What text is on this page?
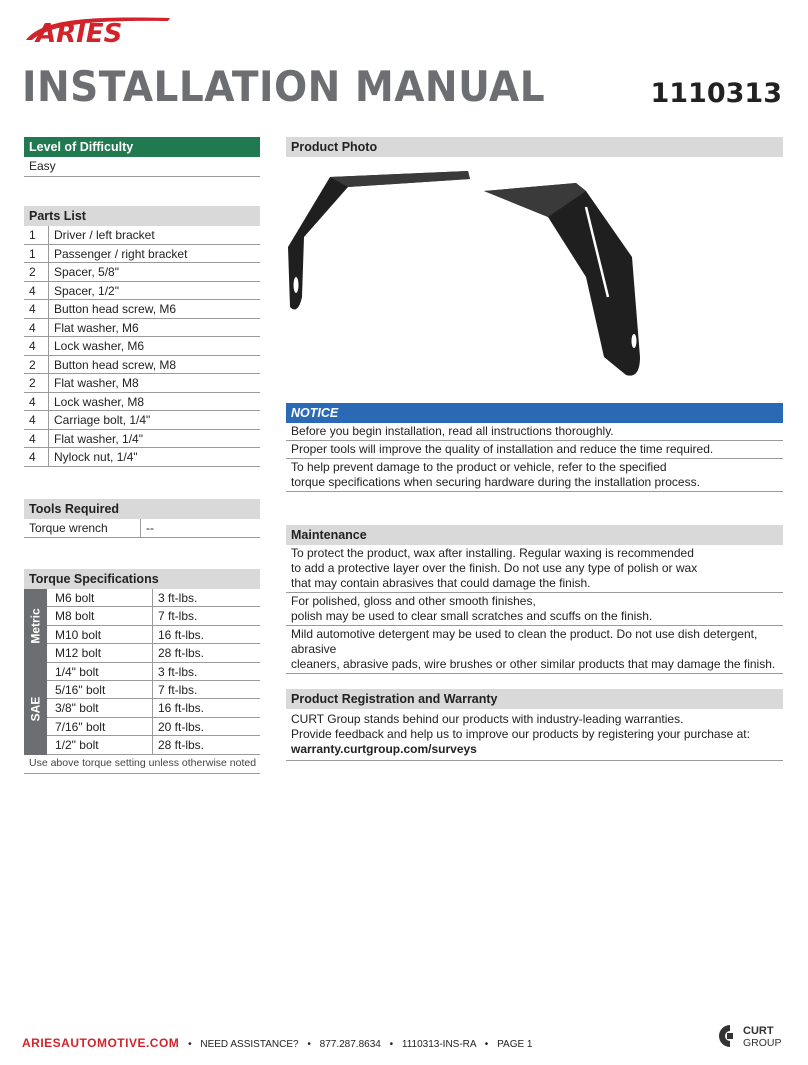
ARIES
INSTALLATION MANUAL	1110313
Level of Difficulty
Easy
Parts List
1	Driver / left bracket
1	Passenger / right bracket
2	Spacer, 5/8"
4	Spacer, 1/2"
4	Button head screw, M6
4	Flat washer, M6
4	Lock washer, M6
2	Button head screw, M8
2	Flat washer, M8
4	Lock washer, M8
4	Carriage bolt, 1/4"
4	Flat washer, 1/4"
4	Nylock nut, 1/4"
Tools Required
Torque wrench	--
Torque Specifications
Metric
M6 bolt	3 ft-lbs.
M8 bolt	7 ft-lbs.
M10 bolt	16 ft-lbs.
M12 bolt	28 ft-lbs.
SAE
1/4" bolt	3 ft-lbs.
5/16" bolt	7 ft-lbs.
3/8" bolt	16 ft-lbs.
7/16" bolt	20 ft-lbs.
1/2" bolt	28 ft-lbs.
Use above torque setting unless otherwise noted
Product Photo
NOTICE
Before you begin installation, read all instructions thoroughly.
Proper tools will improve the quality of installation and reduce the time required.
To help prevent damage to the product or vehicle, refer to the specified
torque specifications when securing hardware during the installation process.
Maintenance
To protect the product, wax after installing. Regular waxing is recommended
to add a protective layer over the finish. Do not use any type of polish or wax
that may contain abrasives that could damage the finish.
For polished, gloss and other smooth finishes,
polish may be used to clear small scratches and scuffs on the finish.
Mild automotive detergent may be used to clean the product. Do not use dish detergent, abrasive
cleaners, abrasive pads, wire brushes or other similar products that may damage the finish.
Product Registration and Warranty
CURT Group stands behind our products with industry-leading warranties.
Provide feedback and help us to improve our products by registering your purchase at:
warranty.curtgroup.com/surveys
ARIESAUTOMOTIVE.COM • NEED ASSISTANCE? • 877.287.8634 • 1110313-INS-RA • PAGE 1
CURT
GROUP
